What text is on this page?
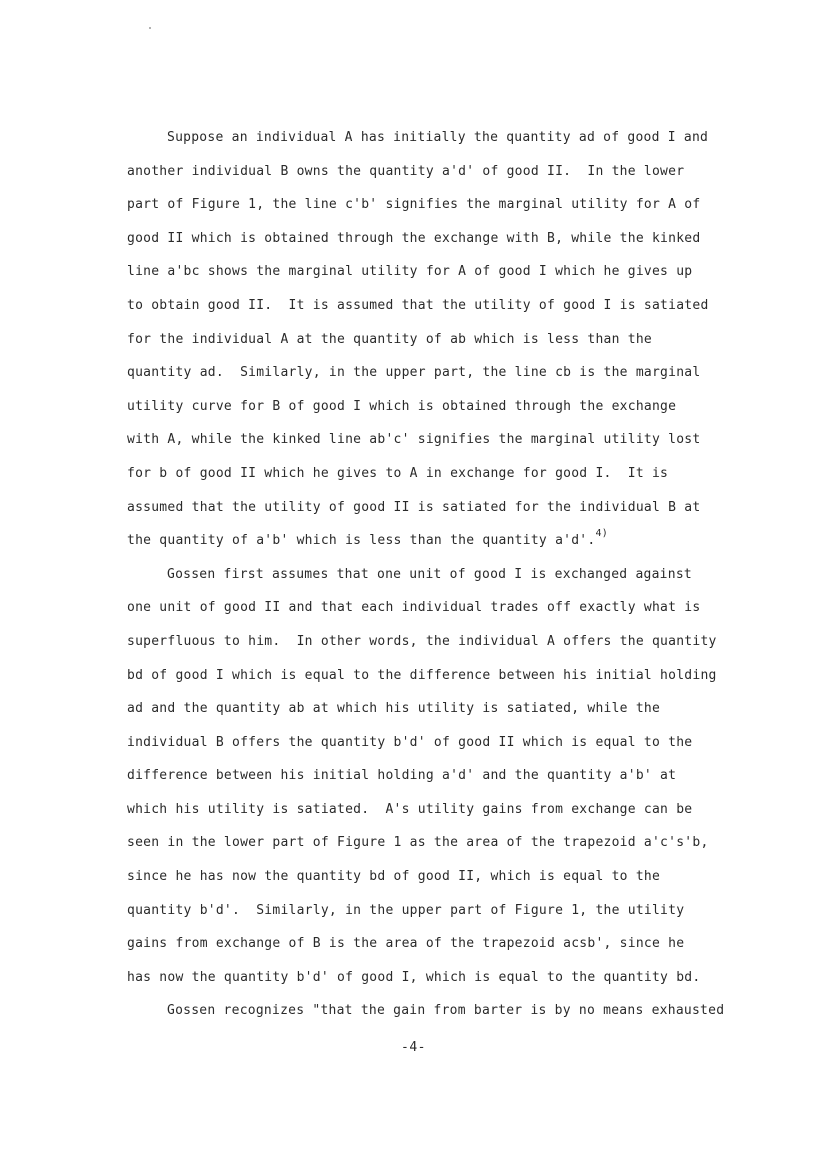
Suppose an individual A has initially the quantity ad of good I and
another individual B owns the quantity a'd' of good II.  In the lower
part of Figure 1, the line c'b' signifies the marginal utility for A of
good II which is obtained through the exchange with B, while the kinked
line a'bc shows the marginal utility for A of good I which he gives up
to obtain good II.  It is assumed that the utility of good I is satiated
for the individual A at the quantity of ab which is less than the
quantity ad.  Similarly, in the upper part, the line cb is the marginal
utility curve for B of good I which is obtained through the exchange
with A, while the kinked line ab'c' signifies the marginal utility lost
for b of good II which he gives to A in exchange for good I.  It is
assumed that the utility of good II is satiated for the individual B at
the quantity of a'b' which is less than the quantity a'd'.$^{4)}$
Gossen first assumes that one unit of good I is exchanged against
one unit of good II and that each individual trades off exactly what is
superfluous to him.  In other words, the individual A offers the quantity
bd of good I which is equal to the difference between his initial holding
ad and the quantity ab at which his utility is satiated, while the
individual B offers the quantity b'd' of good II which is equal to the
difference between his initial holding a'd' and the quantity a'b' at
which his utility is satiated.  A's utility gains from exchange can be
seen in the lower part of Figure 1 as the area of the trapezoid a'c's'b,
since he has now the quantity bd of good II, which is equal to the
quantity b'd'.  Similarly, in the upper part of Figure 1, the utility
gains from exchange of B is the area of the trapezoid acsb', since he
has now the quantity b'd' of good I, which is equal to the quantity bd.
Gossen recognizes "that the gain from barter is by no means exhausted
-4-
